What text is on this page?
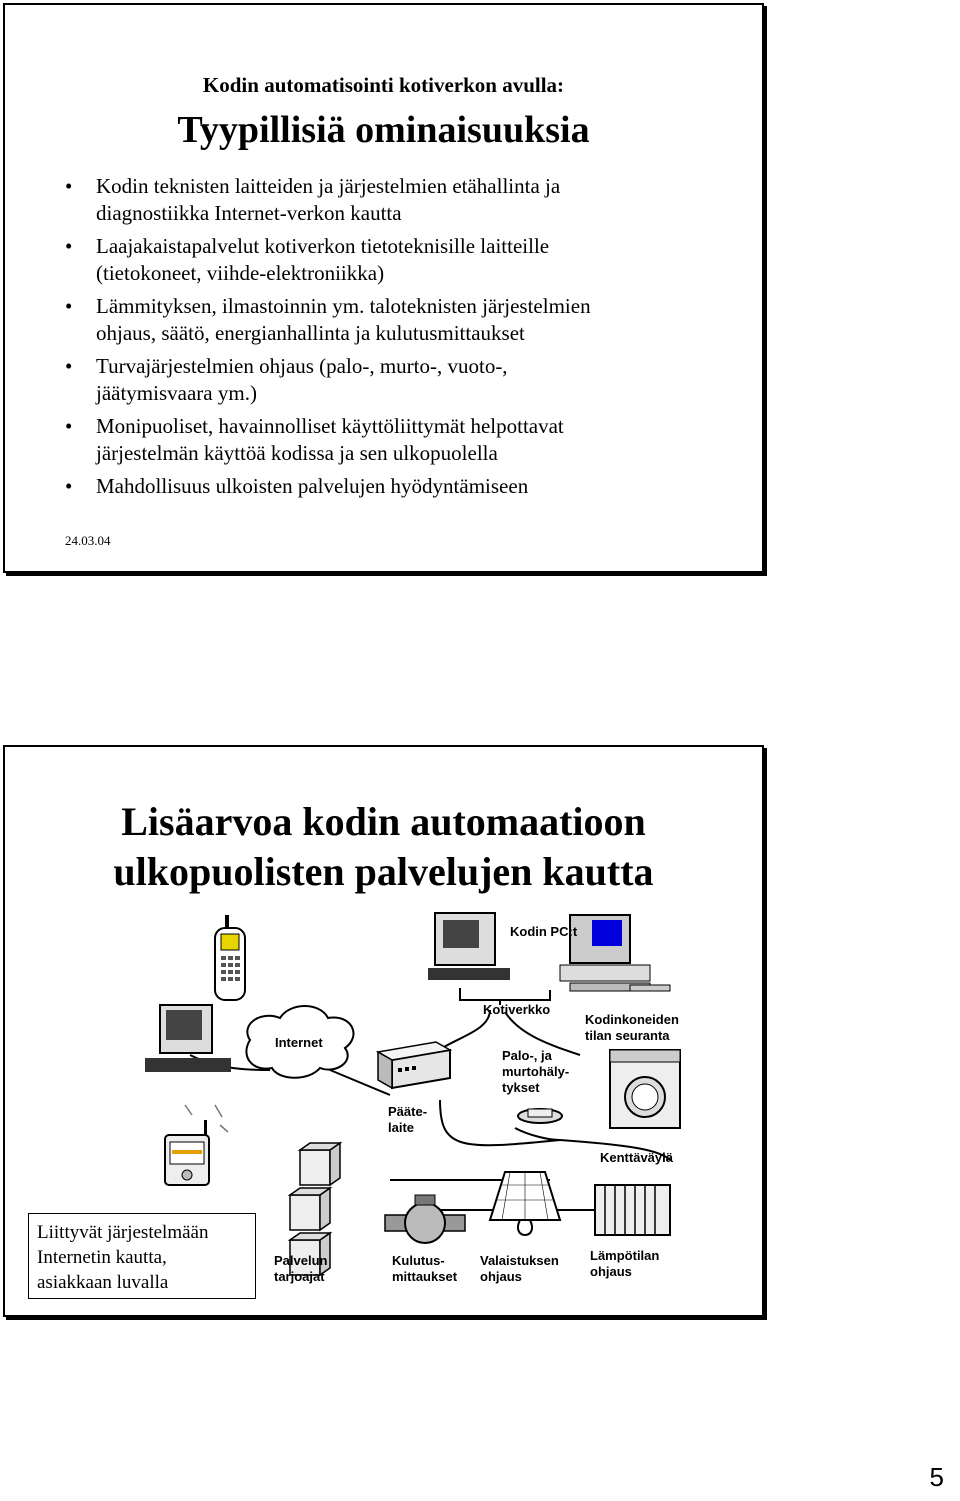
Kodin automatisointi kotiverkon avulla:
Tyypillisiä ominaisuuksia
• Kodin teknisten laitteiden ja järjestelmien etähallinta ja
diagnostiikka Internet-verkon kautta
• Laajakaistapalvelut kotiverkon tietoteknisille laitteille
(tietokoneet, viihde-elektroniikka)
• Lämmityksen, ilmastoinnin ym. taloteknisten järjestelmien
ohjaus, säätö, energianhallinta ja kulutusmittaukset
• Turvajärjestelmien ohjaus (palo-, murto-, vuoto-,
jäätymisvaara ym.)
• Monipuoliset, havainnolliset käyttöliittymät helpottavat
järjestelmän käyttöä kodissa ja sen ulkopuolella
• Mahdollisuus ulkoisten palvelujen hyödyntämiseen
24.03.04
Lisäarvoa kodin automaatioon
ulkopuolisten palvelujen kautta
Kodin PC:t
Internet
Kotiverkko
Kodinkoneiden
tilan seuranta
Pääte-
laite
Palo-, ja
murtohäly-
tykset
Kenttäväylä
Palvelun
tarjoajat
Kulutus-
mittaukset
Valaistuksen
ohjaus
Lämpötilan
ohjaus
Liittyvät järjestelmään
Internetin kautta,
asiakkaan luvalla
5
